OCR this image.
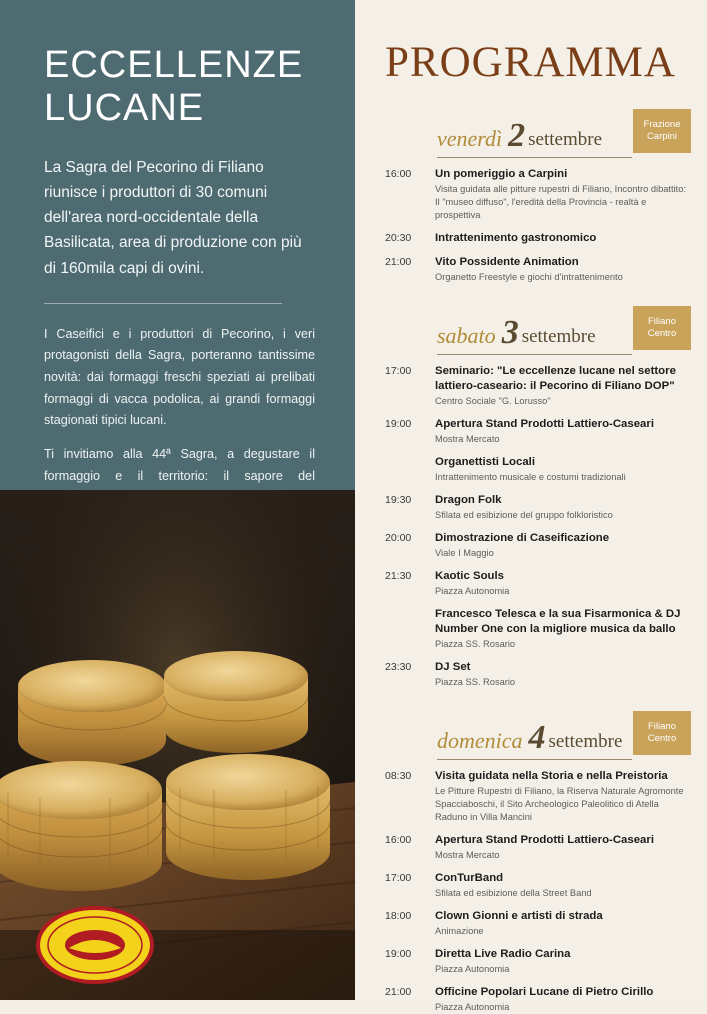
ECCELLENZE
LUCANE

La Sagra del Pecorino di Filiano riunisce i produttori di 30 comuni dell'area nord-occidentale della Basilicata, area di produzione con più di 160mila capi di ovini.

I Caseifici e i produttori di Pecorino, i veri protagonisti della Sagra, porteranno tantissime novità: dai formaggi freschi speziati ai prelibati formaggi di vacca podolica, ai grandi formaggi stagionati tipici lucani.

Ti invitiamo alla 44ª Sagra, a degustare il formaggio e il territorio: il sapore del

PROGRAMMA
venerdì 2 settembre
Frazione
Carpini
16:00	Un pomeriggio a Carpini
Visita guidata alle pitture rupestri di Filiano, Incontro dibattito:
Il "museo diffuso", l'eredità della Provincia - realtà e prospettiva
20:30	Intrattenimento gastronomico
21:00	Vito Possidente Animation
Organetto Freestyle e giochi d'intrattenimento
sabato 3 settembre
Filiano
Centro
17:00	Seminario: "Le eccellenze lucane nel settore lattiero-caseario: il Pecorino di Filiano DOP"
Centro Sociale "G. Lorusso"
19:00	Apertura Stand Prodotti Lattiero-Caseari
Mostra Mercato
Organettisti Locali
Intrattenimento musicale e costumi tradizionali
19:30	Dragon Folk
Sfilata ed esibizione del gruppo folkloristico
20:00	Dimostrazione di Caseificazione
Viale I Maggio
21:30	Kaotic Souls
Piazza Autonomia
Francesco Telesca e la sua Fisarmonica & DJ Number One con la migliore musica da ballo
Piazza SS. Rosario
23:30	DJ Set
Piazza SS. Rosario
domenica 4 settembre
Filiano
Centro
08:30	Visita guidata nella Storia e nella Preistoria
Le Pitture Rupestri di Filiano, la Riserva Naturale Agromonte
Spacciaboschi, il Sito Archeologico Paleolitico di Atella
Raduno in Villa Mancini
16:00	Apertura Stand Prodotti Lattiero-Caseari
Mostra Mercato
17:00	ConTurBand
Sfilata ed esibizione della Street Band
18:00	Clown Gionni e artisti di strada
Animazione
19:00	Diretta Live Radio Carina
Piazza Autonomia
21:00	Officine Popolari Lucane di Pietro Cirillo
Piazza Autonomia
